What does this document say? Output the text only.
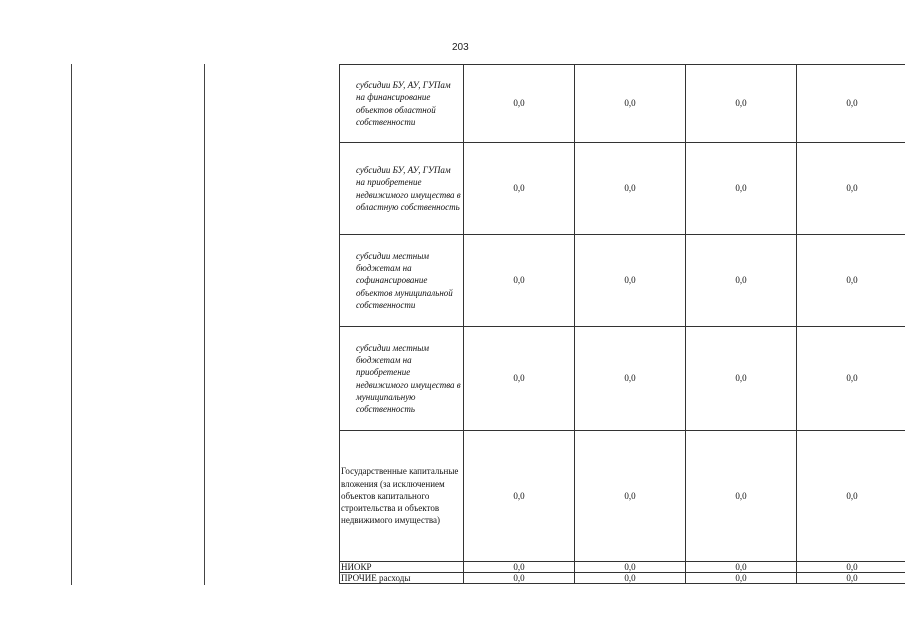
203
субсидии БУ, АУ, ГУПам на финансирование объектов областной собственности	0,0	0,0	0,0	0,0
субсидии БУ, АУ, ГУПам на приобретение недвижимого имущества в областную собственность	0,0	0,0	0,0	0,0
субсидии местным бюджетам на софинансирование объектов муниципальной собственности	0,0	0,0	0,0	0,0
субсидии местным бюджетам на приобретение недвижимого имущества в муниципальную собственность	0,0	0,0	0,0	0,0
Государственные капитальные вложения (за исключением объектов капитального строительства и объектов недвижимого имущества)	0,0	0,0	0,0	0,0
НИОКР	0,0	0,0	0,0	0,0
ПРОЧИЕ расходы	0,0	0,0	0,0	0,0
